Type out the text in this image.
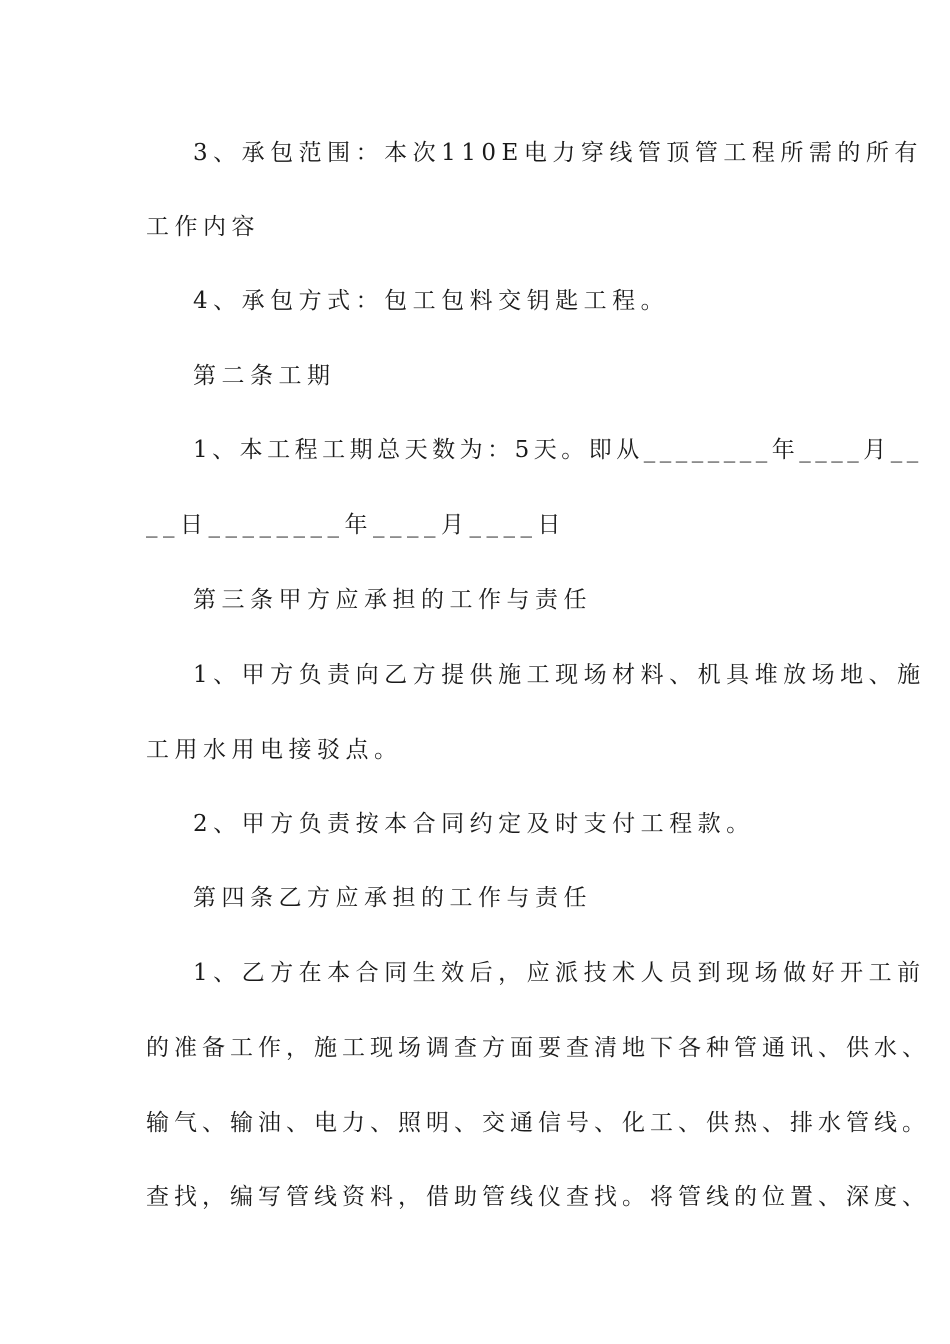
3、承包范围：本次110E电力穿线管顶管工程所需的所有
工作内容
4、承包方式：包工包料交钥匙工程。
第二条工期
1、本工程工期总天数为：5天。即从________年____月__
__日________年____月____日
第三条甲方应承担的工作与责任
1、甲方负责向乙方提供施工现场材料、机具堆放场地、施
工用水用电接驳点。
2、甲方负责按本合同约定及时支付工程款。
第四条乙方应承担的工作与责任
1、乙方在本合同生效后，应派技术人员到现场做好开工前
的准备工作，施工现场调查方面要查清地下各种管通讯、供水、
输气、输油、电力、照明、交通信号、化工、供热、排水管线。
查找，编写管线资料，借助管线仪查找。将管线的位置、深度、
